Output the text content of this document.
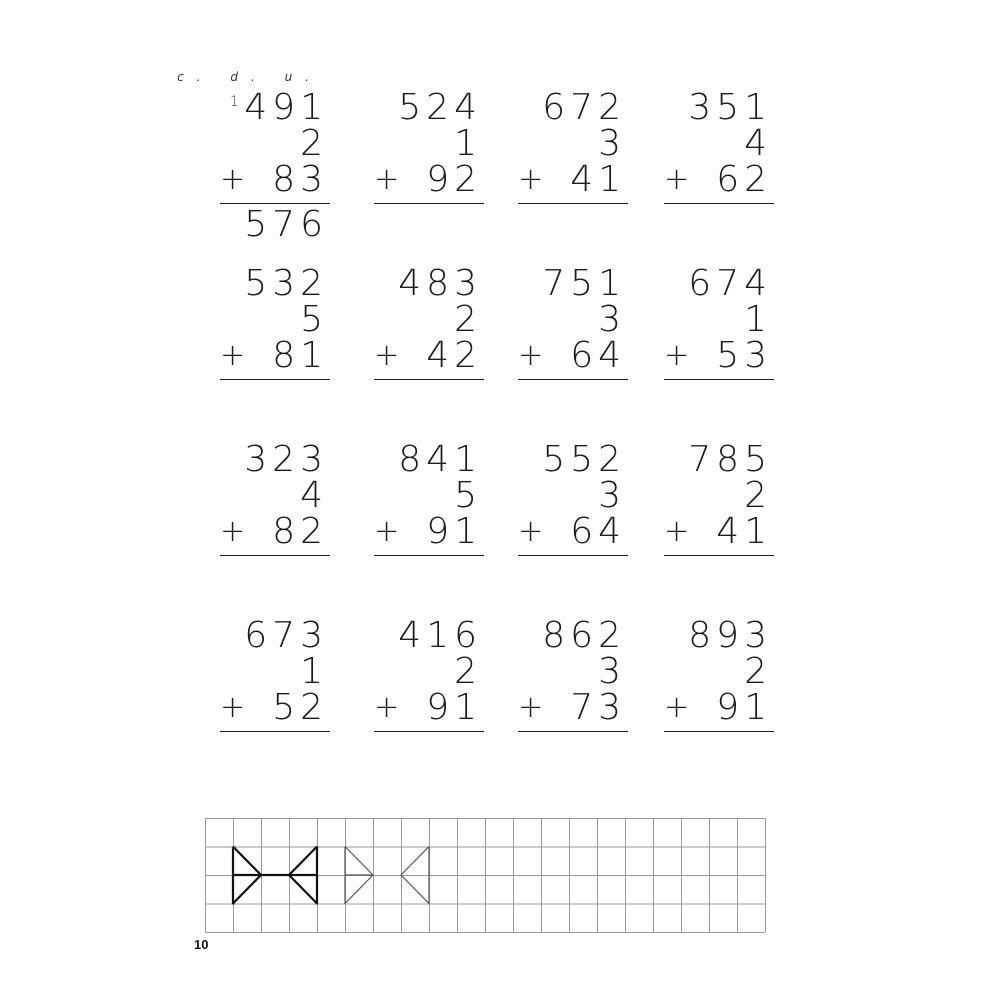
491
2
83
+
c. d. u.
1
576
524
1
92
+
672
3
41
+
351
4
62
+
532
5
81
+
483
2
42
+
751
3
64
+
674
1
53
+
323
4
82
+
841
5
91
+
552
3
64
+
785
2
41
+
673
1
52
+
416
2
91
+
862
3
73
+
893
2
91
+
10
